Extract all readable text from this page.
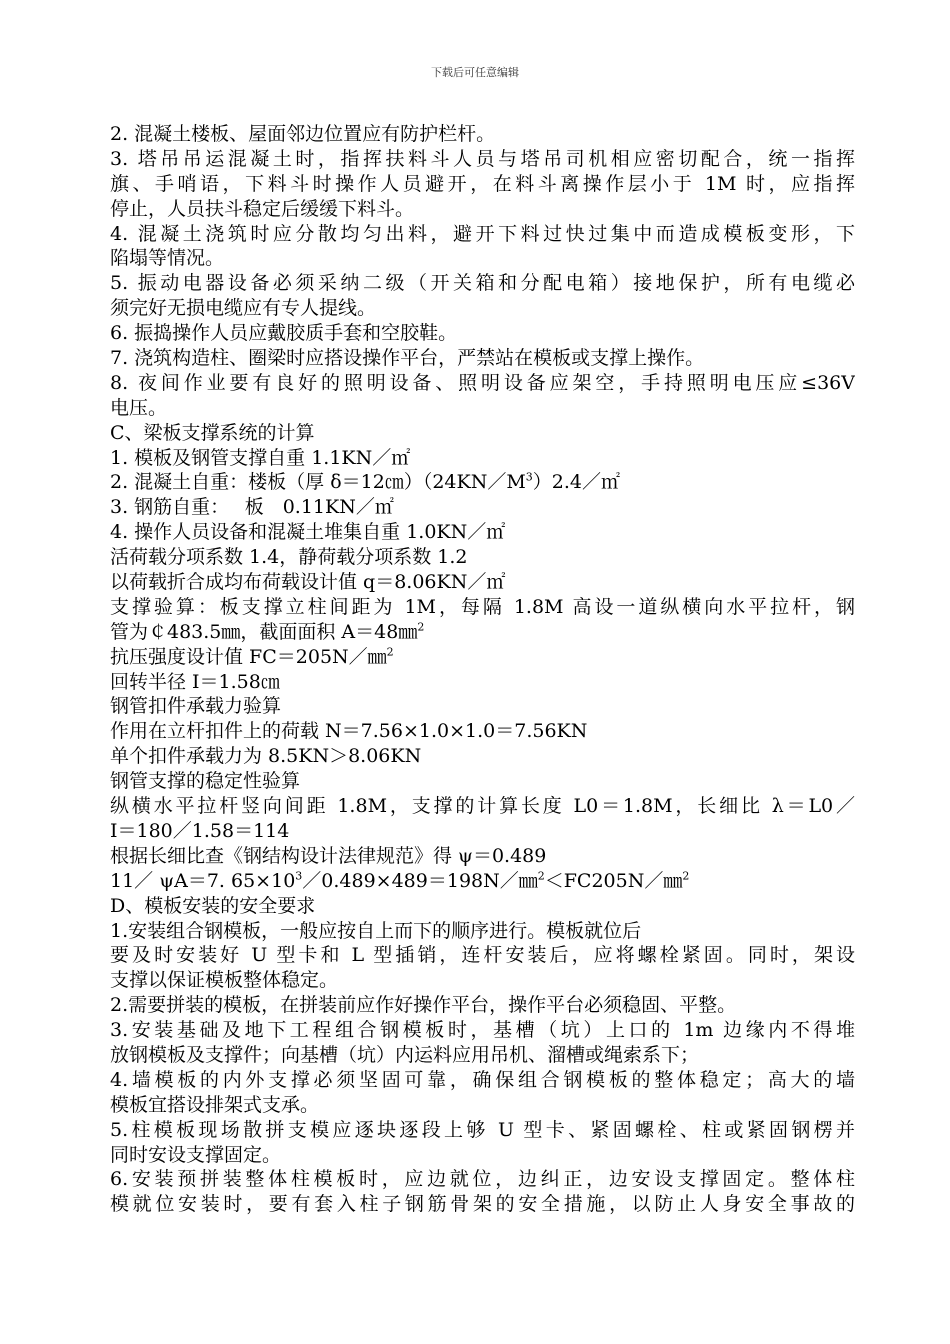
下载后可任意编辑
2. 混凝土楼板、屋面邻边位置应有防护栏杆。
3. 塔吊吊运混凝土时，指挥扶料斗人员与塔吊司机相应密切配合，统一指挥
旗、手哨语，下料斗时操作人员避开，在料斗离操作层小于 1M 时，应指挥
停止，人员扶斗稳定后缓缓下料斗。
4. 混凝土浇筑时应分散均匀出料，避开下料过快过集中而造成模板变形，下
陷塌等情况。
5. 振动电器设备必须采纳二级（开关箱和分配电箱）接地保护，所有电缆必
须完好无损电缆应有专人提线。
6. 振捣操作人员应戴胶质手套和空胶鞋。
7. 浇筑构造柱、圈梁时应搭设操作平台，严禁站在模板或支撑上操作。
8. 夜间作业要有良好的照明设备、照明设备应架空，手持照明电压应≤36V
电压。
C、梁板支撑系统的计算
1. 模板及钢管支撑自重 1.1KN／㎡
2. 混凝土自重：楼板（厚 $\delta=12㎝)(24KN/M^3)2.4/㎡$
3. 钢筋自重：　 板　0.11KN／㎡
4. 操作人员设备和混凝土堆集自重 1.0KN／㎡
活荷载分项系数 1.4，静荷载分项系数 1.2
以荷载折合成均布荷载设计值 q＝8.06KN／㎡
支撑验算：板支撑立柱间距为 1M，每隔 1.8M 高设一道纵横向水平拉杆，钢
管为￠483.5㎜，截面面积 A＝48㎜$^2$
抗压强度设计值 FC＝205N／㎜$^2$
回转半径 I＝1.58㎝
钢管扣件承载力验算
作用在立杆扣件上的荷载 N＝7.56×1.0×1.0＝7.56KN
单个扣件承载力为 8.5KN＞8.06KN
钢管支撑的稳定性验算
纵横水平拉杆竖向间距 1.8M，支撑的计算长度 L0＝1.8M，长细比 λ＝L0／
I＝180／1.58＝114
根据长细比查《钢结构设计法律规范》得 ψ＝0.489
11／ ψA＝7. $65\times 10^3/0.489\times 489=198N/㎜^2<FC205N/㎜^2$
D、模板安装的安全要求
1.安装组合钢模板，一般应按自上而下的顺序进行。模板就位后
要及时安装好 U 型卡和 L 型插销，连杆安装后，应将螺栓紧固。同时，架设
支撑以保证模板整体稳定。
2.需要拼装的模板，在拼装前应作好操作平台，操作平台必须稳固、平整。
3.安装基础及地下工程组合钢模板时，基槽（坑）上口的 1m 边缘内不得堆
放钢模板及支撑件；向基槽（坑）内运料应用吊机、溜槽或绳索系下；
4.墙模板的内外支撑必须坚固可靠，确保组合钢模板的整体稳定；高大的墙
模板宜搭设排架式支承。
5.柱模板现场散拼支模应逐块逐段上够 U 型卡、紧固螺栓、柱或紧固钢楞并
同时安设支撑固定。
6.安装预拼装整体柱模板时，应边就位，边纠正，边安设支撑固定。整体柱
模就位安装时，要有套入柱子钢筋骨架的安全措施，以防止人身安全事故的
